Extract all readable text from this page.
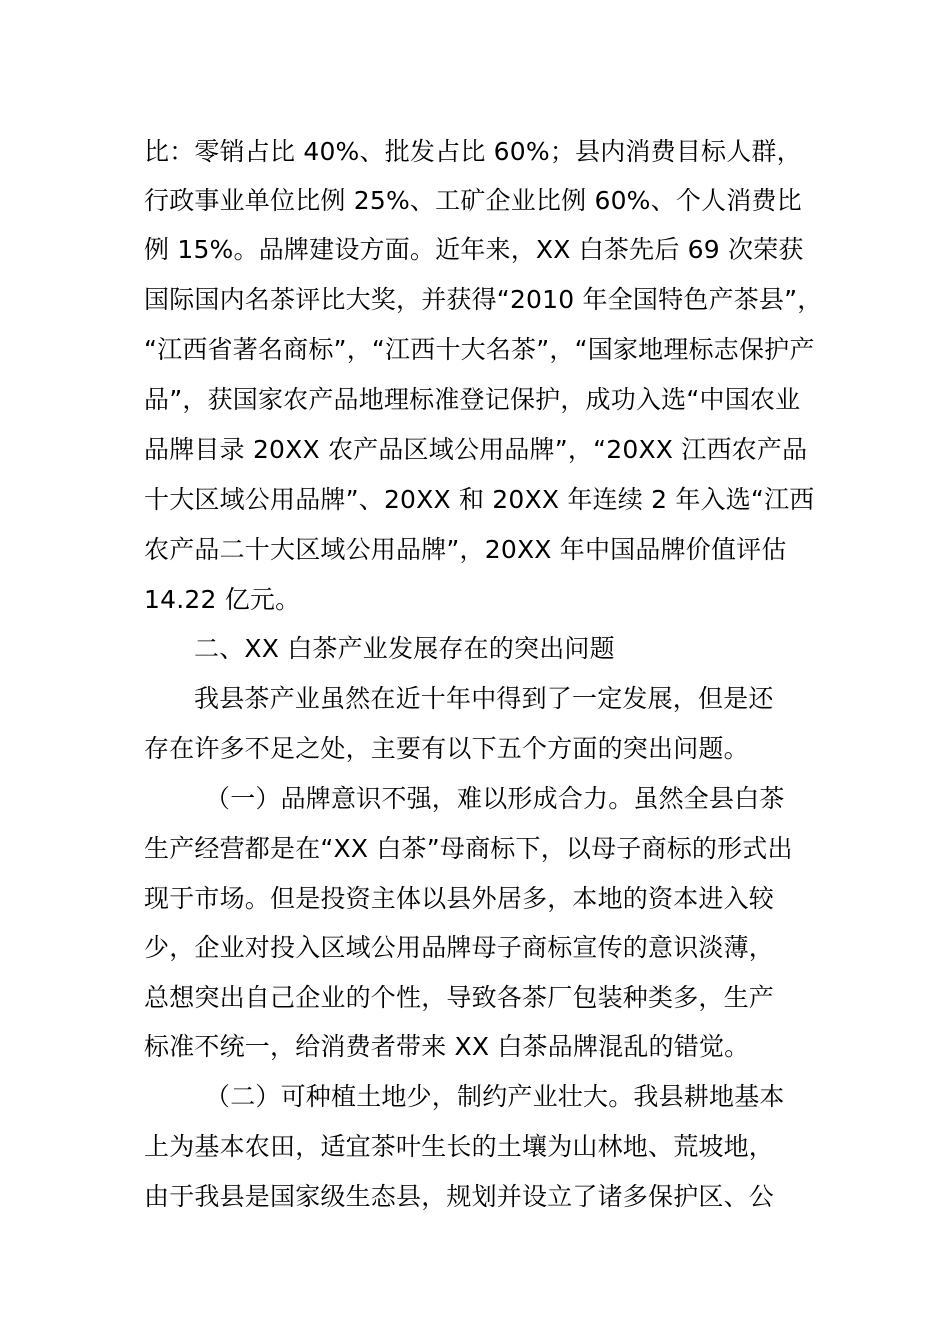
比：零销占比 40%、批发占比 60%；县内消费目标人群，
行政事业单位比例 25%、工矿企业比例 60%、个人消费比
例 15%。品牌建设方面。近年来，XX 白茶先后 69 次荣获
国际国内名茶评比大奖，并获得“2010 年全国特色产茶县”，
“江西省著名商标”，“江西十大名茶”，“国家地理标志保护产
品”，获国家农产品地理标准登记保护，成功入选“中国农业
品牌目录 20XX 农产品区域公用品牌”，“20XX 江西农产品
十大区域公用品牌”、20XX 和 20XX 年连续 2 年入选“江西
农产品二十大区域公用品牌”，20XX 年中国品牌价值评估
14.22 亿元。
二、XX 白茶产业发展存在的突出问题
我县茶产业虽然在近十年中得到了一定发展，但是还
存在许多不足之处，主要有以下五个方面的突出问题。
（一）品牌意识不强，难以形成合力。虽然全县白茶
生产经营都是在“XX 白茶”母商标下，以母子商标的形式出
现于市场。但是投资主体以县外居多，本地的资本进入较
少，企业对投入区域公用品牌母子商标宣传的意识淡薄，
总想突出自己企业的个性，导致各茶厂包装种类多，生产
标准不统一，给消费者带来 XX 白茶品牌混乱的错觉。
（二）可种植土地少，制约产业壮大。我县耕地基本
上为基本农田，适宜茶叶生长的土壤为山林地、荒坡地，
由于我县是国家级生态县，规划并设立了诸多保护区、公
